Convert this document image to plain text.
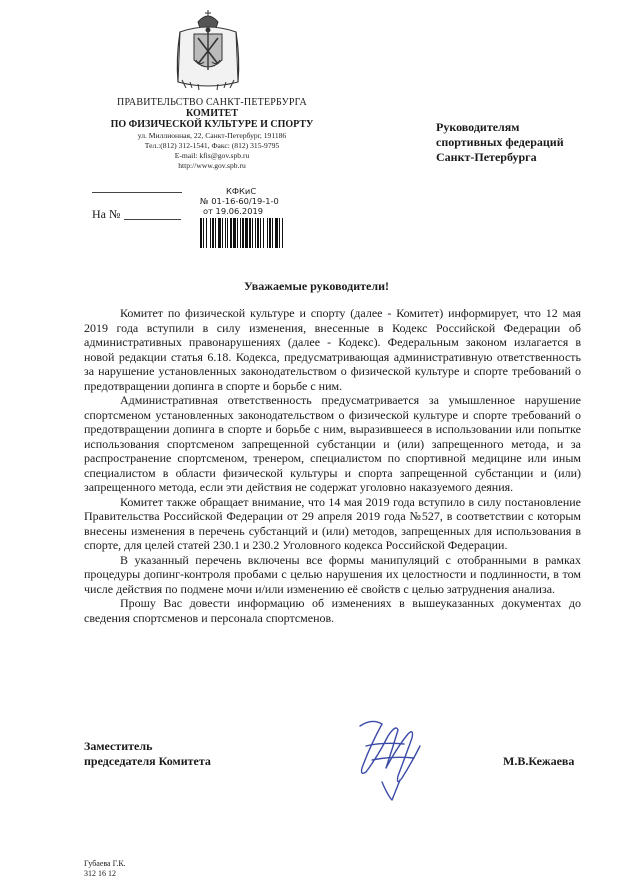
ПРАВИТЕЛЬСТВО САНКТ-ПЕТЕРБУРГА
КОМИТЕТ
ПО ФИЗИЧЕСКОЙ КУЛЬТУРЕ И СПОРТУ
ул. Миллионная, 22, Санкт-Петербург, 191186
Тел.:(812) 312-1541, Факс: (812) 315-9795
E-mail: kfis@gov.spb.ru
http://www.gov.spb.ru
Руководителям
спортивных федераций
Санкт-Петербурга
На №
КФКиС
№ 01-16-60/19-1-0
от 19.06.2019
Уважаемые руководители!

Комитет по физической культуре и спорту (далее - Комитет) информирует, что 12 мая 2019 года вступили в силу изменения, внесенные в Кодекс Российской Федерации об административных правонарушениях (далее - Кодекс). Федеральным законом излагается в новой редакции статья 6.18. Кодекса, предусматривающая административную ответственность за нарушение установленных законодательством о физической культуре и спорте требований о предотвращении допинга в спорте и борьбе с ним.

Административная ответственность предусматривается за умышленное нарушение спортсменом установленных законодательством о физической культуре и спорте требований о предотвращении допинга в спорте и борьбе с ним, выразившееся в использовании или попытке использования спортсменом запрещенной субстанции и (или) запрещенного метода, и за распространение спортсменом, тренером, специалистом по спортивной медицине или иным специалистом в области физической культуры и спорта запрещенной субстанции и (или) запрещенного метода, если эти действия не содержат уголовно наказуемого деяния.

Комитет также обращает внимание, что 14 мая 2019 года вступило в силу постановление Правительства Российской Федерации от 29 апреля 2019 года №527, в соответствии с которым внесены изменения в перечень субстанций и (или) методов, запрещенных для использования в спорте, для целей статей 230.1 и 230.2 Уголовного кодекса Российской Федерации.

В указанный перечень включены все формы манипуляций с отобранными в рамках процедуры допинг-контроля пробами с целью нарушения их целостности и подлинности, в том числе действия по подмене мочи и/или изменению её свойств с целью затруднения анализа.

Прошу Вас довести информацию об изменениях в вышеуказанных документах до сведения спортсменов и персонала спортсменов.

Заместитель
председателя Комитета	М.В.Кежаева
Губаева Г.К.
312 16 12
